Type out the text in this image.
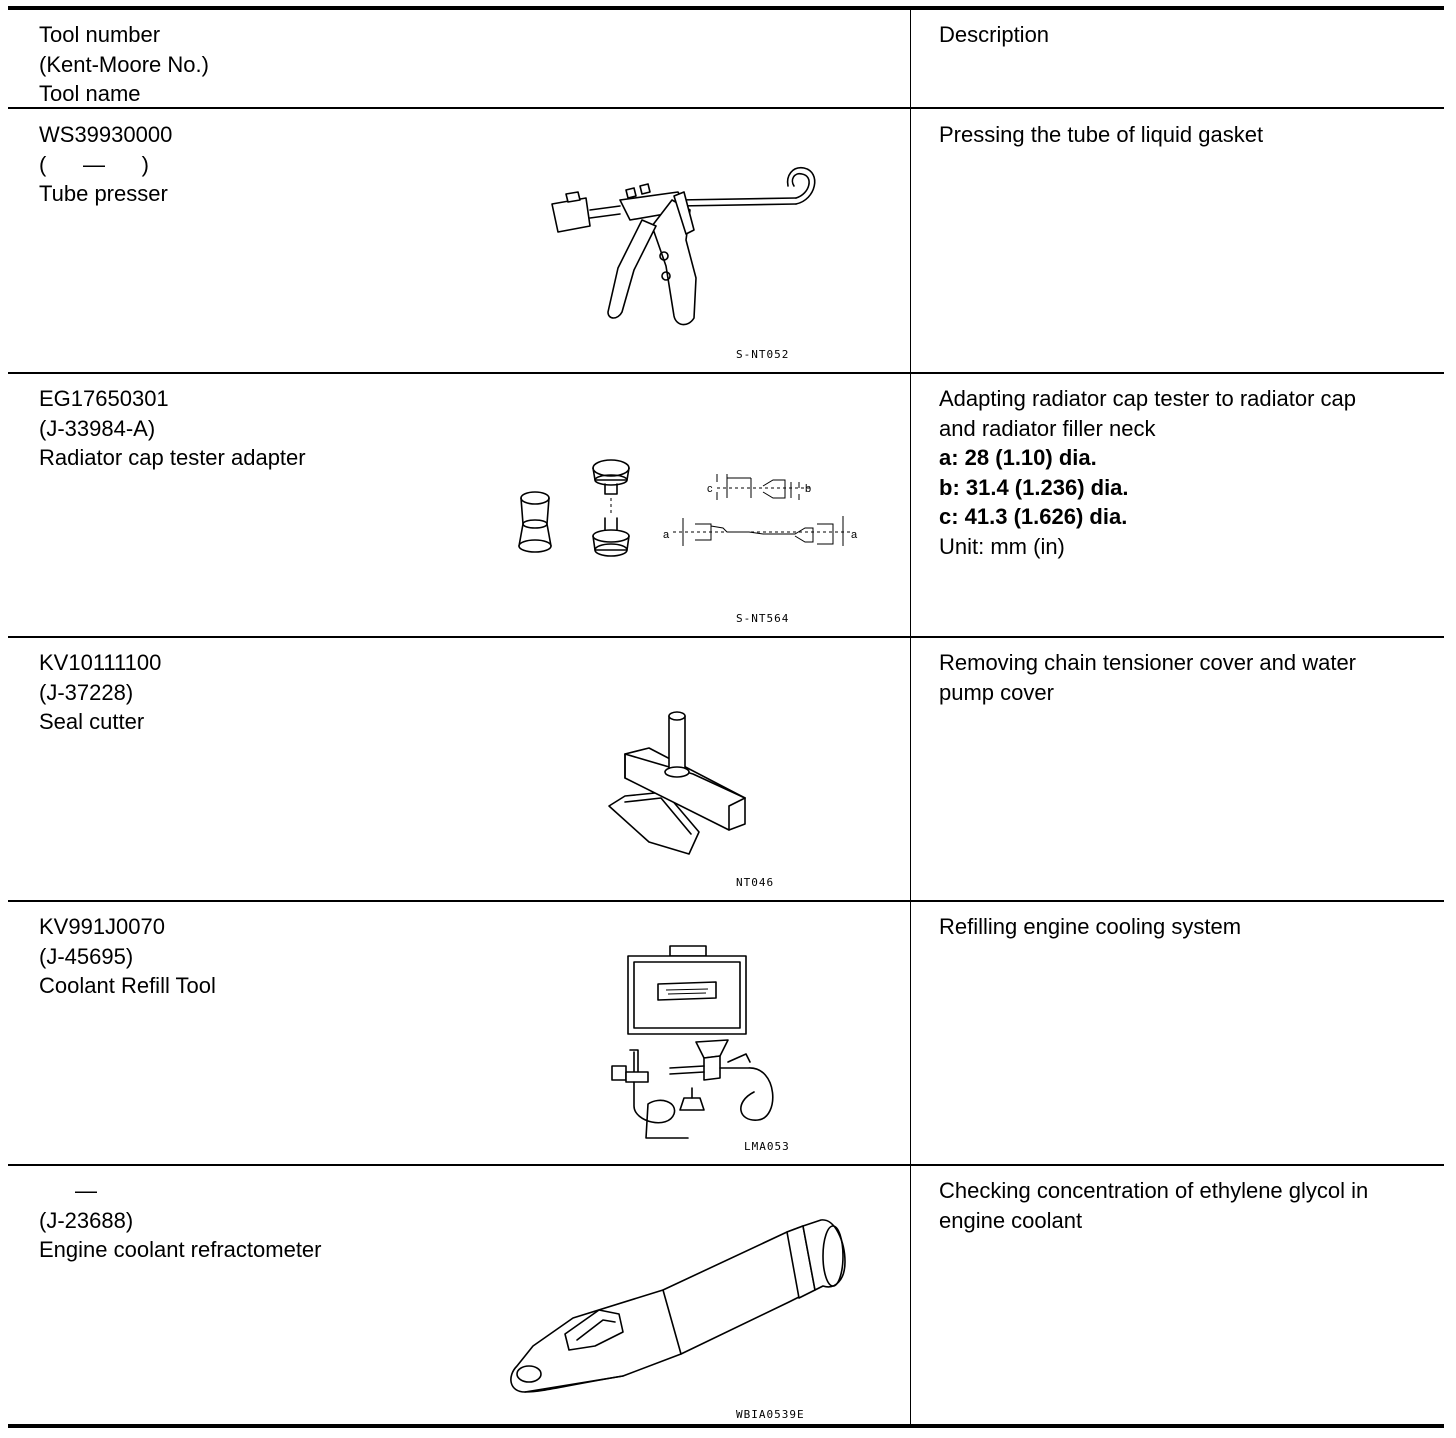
Tool number
(Kent-Moore No.)
Tool name
Description
WS39930000
(      —      )
Tube presser
Pressing the tube of liquid gasket
S-NT052
EG17650301
(J-33984-A)
Radiator cap tester adapter
Adapting radiator cap tester to radiator cap
and radiator filler neck
a: 28 (1.10) dia.
b: 31.4 (1.236) dia.
c: 41.3 (1.626) dia.
Unit: mm (in)
c	b
a	a
S-NT564
KV10111100
(J-37228)
Seal cutter
Removing chain tensioner cover and water
pump cover
NT046
KV991J0070
(J-45695)
Coolant Refill Tool
Refilling engine cooling system
LMA053
—
(J-23688)
Engine coolant refractometer
Checking concentration of ethylene glycol in
engine coolant
WBIA0539E
